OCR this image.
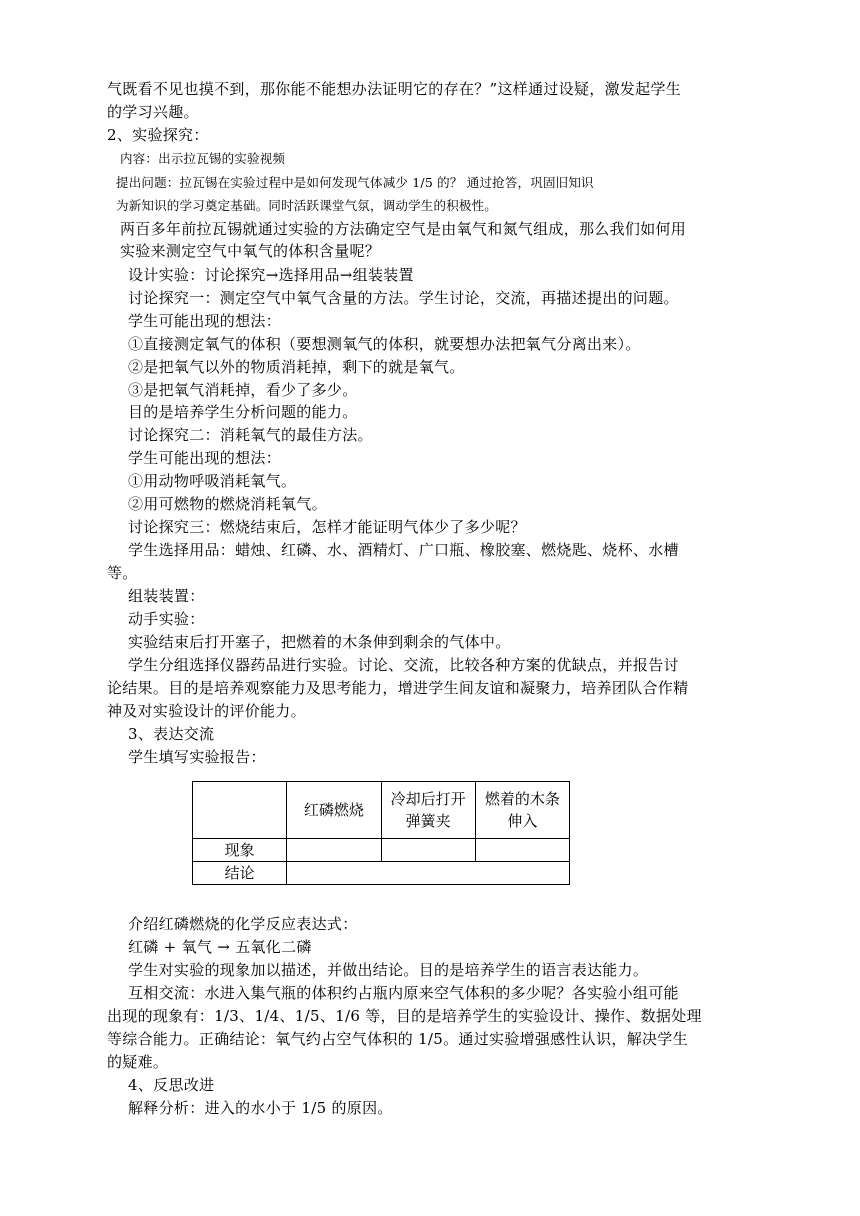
气既看不见也摸不到，那你能不能想办法证明它的存在？”这样通过设疑，激发起学生
的学习兴趣。
2、实验探究：
内容：出示拉瓦锡的实验视频
提出问题：拉瓦锡在实验过程中是如何发现气体减少 1/5 的？ 通过抢答，巩固旧知识
为新知识的学习奠定基础。同时活跃课堂气氛，调动学生的积极性。
两百多年前拉瓦锡就通过实验的方法确定空气是由氧气和氮气组成，那么我们如何用
实验来测定空气中氧气的体积含量呢？
设计实验：讨论探究→选择用品→组装装置
讨论探究一：测定空气中氧气含量的方法。学生讨论，交流，再描述提出的问题。
学生可能出现的想法：
①直接测定氧气的体积（要想测氧气的体积，就要想办法把氧气分离出来）。
②是把氧气以外的物质消耗掉，剩下的就是氧气。
③是把氧气消耗掉，看少了多少。
目的是培养学生分析问题的能力。
讨论探究二：消耗氧气的最佳方法。
学生可能出现的想法：
①用动物呼吸消耗氧气。
②用可燃物的燃烧消耗氧气。
讨论探究三：燃烧结束后，怎样才能证明气体少了多少呢？
学生选择用品：蜡烛、红磷、水、酒精灯、广口瓶、橡胶塞、燃烧匙、烧杯、水槽
等。
组装装置：
动手实验：
实验结束后打开塞子，把燃着的木条伸到剩余的气体中。
学生分组选择仪器药品进行实验。讨论、交流，比较各种方案的优缺点，并报告讨
论结果。目的是培养观察能力及思考能力，增进学生间友谊和凝聚力，培养团队合作精
神及对实验设计的评价能力。
3、表达交流
学生填写实验报告：
	红磷燃烧	冷却后打开弹簧夹	燃着的木条伸入
现象			
结论			
介绍红磷燃烧的化学反应表达式：
红磷 + 氧气 → 五氧化二磷
学生对实验的现象加以描述，并做出结论。目的是培养学生的语言表达能力。
互相交流：水进入集气瓶的体积约占瓶内原来空气体积的多少呢？各实验小组可能
出现的现象有：1/3、1/4、1/5、1/6 等，目的是培养学生的实验设计、操作、数据处理
等综合能力。正确结论：氧气约占空气体积的 1/5。通过实验增强感性认识，解决学生
的疑难。
4、反思改进
解释分析：进入的水小于 1/5 的原因。
